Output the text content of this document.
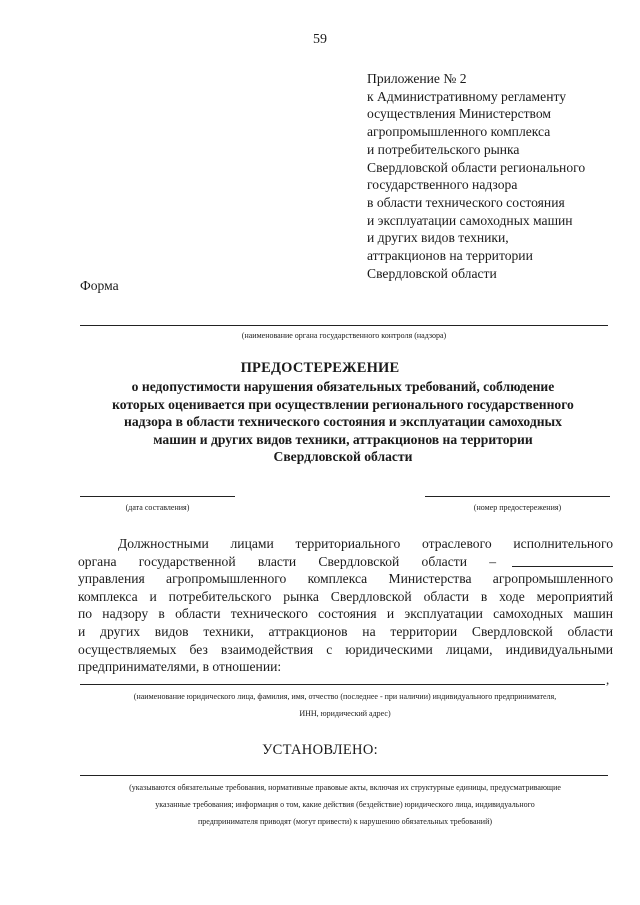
59
Приложение № 2
к Административному регламенту
осуществления Министерством
агропромышленного комплекса
и потребительского рынка
Свердловской области регионального
государственного надзора
в области технического состояния
и эксплуатации самоходных машин
и других видов техники,
аттракционов на территории
Свердловской области
Форма
(наименование органа государственного контроля (надзора)
ПРЕДОСТЕРЕЖЕНИЕ
о недопустимости нарушения обязательных требований, соблюдение
которых оценивается при осуществлении регионального государственного
надзора в области технического состояния и эксплуатации самоходных
машин и других видов техники, аттракционов на территории
Свердловской области
(дата составления)	(номер предостережения)
Должностными лицами территориального отраслевого исполнительного
органа государственной власти Свердловской области –
управления агропромышленного комплекса Министерства агропромышленного
комплекса и потребительского рынка Свердловской области в ходе мероприятий
по надзору в области технического состояния и эксплуатации самоходных машин
и других видов техники, аттракционов на территории Свердловской области
осуществляемых без взаимодействия с юридическими лицами, индивидуальными
предпринимателями, в отношении:
,
(наименование юридического лица, фамилия, имя, отчество (последнее - при наличии) индивидуального предпринимателя,
ИНН, юридический адрес)
УСТАНОВЛЕНО:
(указываются обязательные требования, нормативные правовые акты, включая их структурные единицы, предусматривающие
указанные требования; информация о том, какие действия (бездействие) юридического лица, индивидуального
предпринимателя приводят (могут привести) к нарушению обязательных требований)
